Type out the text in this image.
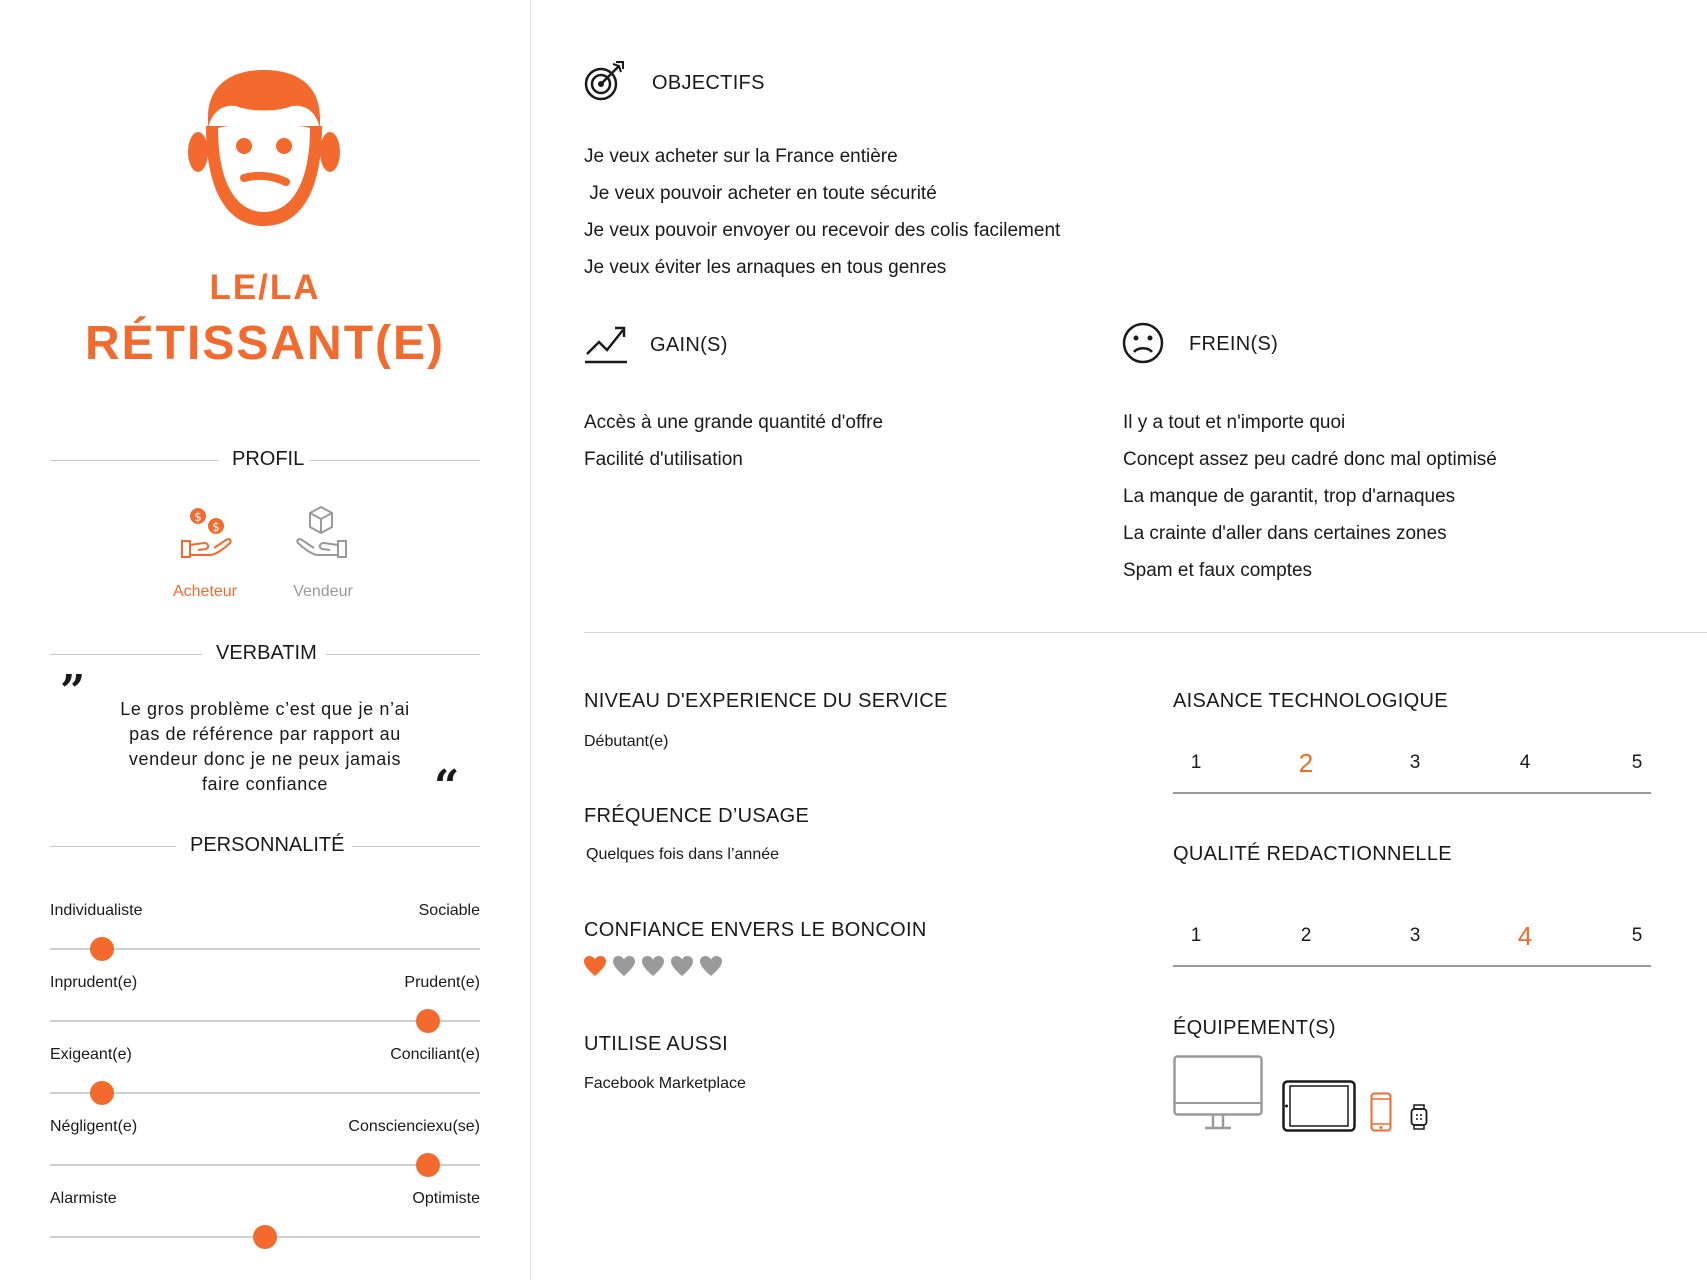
LE/LA
RÉTISSANT(E)
PROFIL
$
$
Acheteur	Vendeur
VERBATIM
”	Le gros problème c’est que je n’ai
pas de référence par rapport au
vendeur donc je ne peux jamais
faire confiance	“
PERSONNALITÉ
Individualiste	Sociable
Inprudent(e)	Prudent(e)
Exigeant(e)	Conciliant(e)
Négligent(e)	Conscienciexu(se)
Alarmiste	Optimiste
OBJECTIFS
Je veux acheter sur la France entière
Je veux pouvoir acheter en toute sécurité
Je veux pouvoir envoyer ou recevoir des colis facilement
Je veux éviter les arnaques en tous genres
GAIN(S)
Accès à une grande quantité d'offre
Facilité d'utilisation
FREIN(S)
Il y a tout et n'importe quoi
Concept assez peu cadré donc mal optimisé
La manque de garantit, trop d'arnaques
La crainte d'aller dans certaines zones
Spam et faux comptes
NIVEAU D'EXPERIENCE DU SERVICE
Débutant(e)
FRÉQUENCE D’USAGE
Quelques fois dans l’année
CONFIANCE ENVERS LE BONCOIN
UTILISE AUSSI
Facebook Marketplace
AISANCE TECHNOLOGIQUE
1	2	3	4	5
QUALITÉ REDACTIONNELLE
1	2	3	4	5
ÉQUIPEMENT(S)
